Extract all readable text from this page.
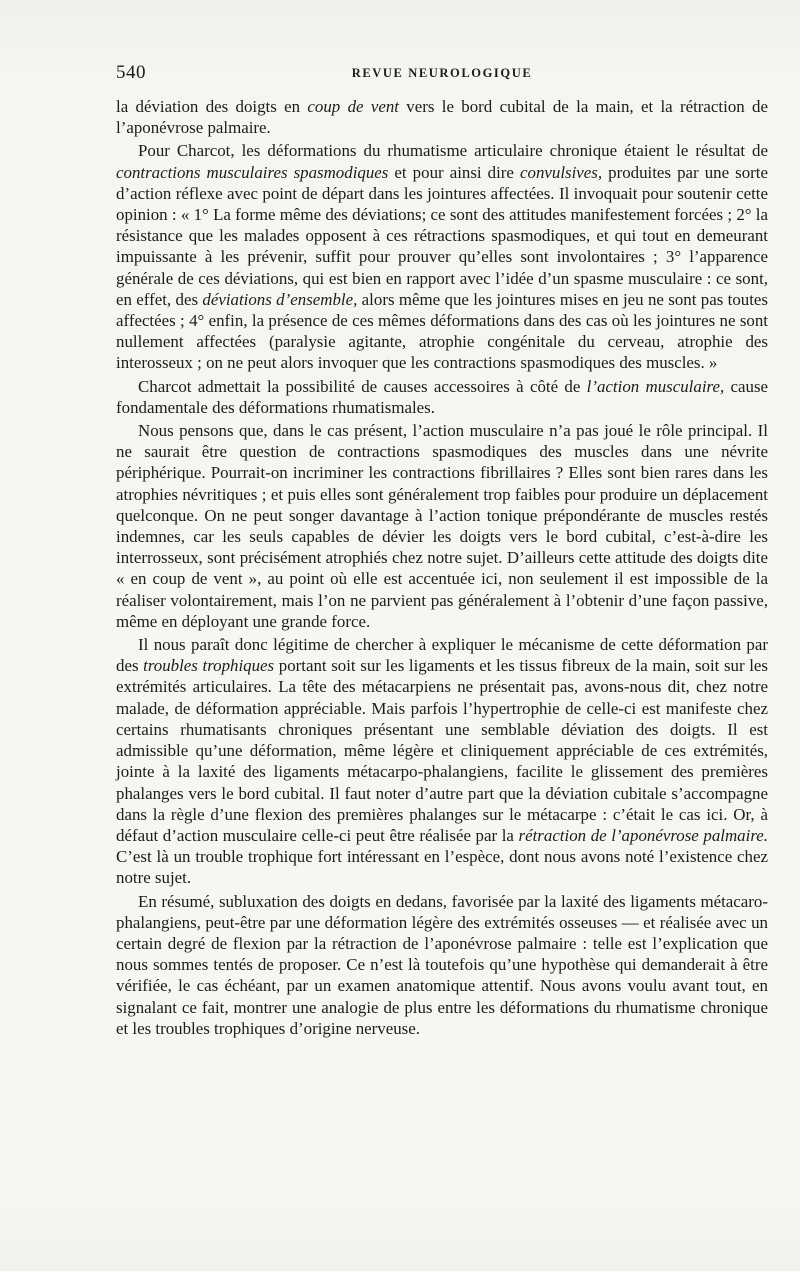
540	REVUE NEUROLOGIQUE

la déviation des doigts en coup de vent vers le bord cubital de la main, et la rétraction de l’aponévrose palmaire.

Pour Charcot, les déformations du rhumatisme articulaire chronique étaient le résultat de contractions musculaires spasmodiques et pour ainsi dire convulsives, produites par une sorte d’action réflexe avec point de départ dans les jointures affectées. Il invoquait pour soutenir cette opinion : « 1° La forme même des déviations; ce sont des attitudes manifestement forcées ; 2° la résistance que les malades opposent à ces rétractions spasmodiques, et qui tout en demeurant impuissante à les prévenir, suffit pour prouver qu’elles sont involontaires ; 3° l’apparence générale de ces déviations, qui est bien en rapport avec l’idée d’un spasme musculaire : ce sont, en effet, des déviations d’ensemble, alors même que les jointures mises en jeu ne sont pas toutes affectées ; 4° enfin, la présence de ces mêmes déformations dans des cas où les jointures ne sont nullement affectées (paralysie agitante, atrophie congénitale du cerveau, atrophie des interosseux ; on ne peut alors invoquer que les contractions spasmodiques des muscles. »

Charcot admettait la possibilité de causes accessoires à côté de l’action musculaire, cause fondamentale des déformations rhumatismales.

Nous pensons que, dans le cas présent, l’action musculaire n’a pas joué le rôle principal. Il ne saurait être question de contractions spasmodiques des muscles dans une névrite périphérique. Pourrait-on incriminer les contractions fibrillaires ? Elles sont bien rares dans les atrophies névritiques ; et puis elles sont généralement trop faibles pour produire un déplacement quelconque. On ne peut songer davantage à l’action tonique prépondérante de muscles restés indemnes, car les seuls capables de dévier les doigts vers le bord cubital, c’est-à-dire les interrosseux, sont précisément atrophiés chez notre sujet. D’ailleurs cette attitude des doigts dite « en coup de vent », au point où elle est accentuée ici, non seulement il est impossible de la réaliser volontairement, mais l’on ne parvient pas généralement à l’obtenir d’une façon passive, même en déployant une grande force.

Il nous paraît donc légitime de chercher à expliquer le mécanisme de cette déformation par des troubles trophiques portant soit sur les ligaments et les tissus fibreux de la main, soit sur les extrémités articulaires. La tête des métacarpiens ne présentait pas, avons-nous dit, chez notre malade, de déformation appréciable. Mais parfois l’hypertrophie de celle-ci est manifeste chez certains rhumatisants chroniques présentant une semblable déviation des doigts. Il est admissible qu’une déformation, même légère et cliniquement appréciable de ces extrémités, jointe à la laxité des ligaments métacarpo-phalangiens, facilite le glissement des premières phalanges vers le bord cubital. Il faut noter d’autre part que la déviation cubitale s’accompagne dans la règle d’une flexion des premières phalanges sur le métacarpe : c’était le cas ici. Or, à défaut d’action musculaire celle-ci peut être réalisée par la rétraction de l’aponévrose palmaire. C’est là un trouble trophique fort intéressant en l’espèce, dont nous avons noté l’existence chez notre sujet.

En résumé, subluxation des doigts en dedans, favorisée par la laxité des ligaments métacaro-phalangiens, peut-être par une déformation légère des extrémités osseuses — et réalisée avec un certain degré de flexion par la rétraction de l’aponévrose palmaire : telle est l’explication que nous sommes tentés de proposer. Ce n’est là toutefois qu’une hypothèse qui demanderait à être vérifiée, le cas échéant, par un examen anatomique attentif. Nous avons voulu avant tout, en signalant ce fait, montrer une analogie de plus entre les déformations du rhumatisme chronique et les troubles trophiques d’origine nerveuse.
